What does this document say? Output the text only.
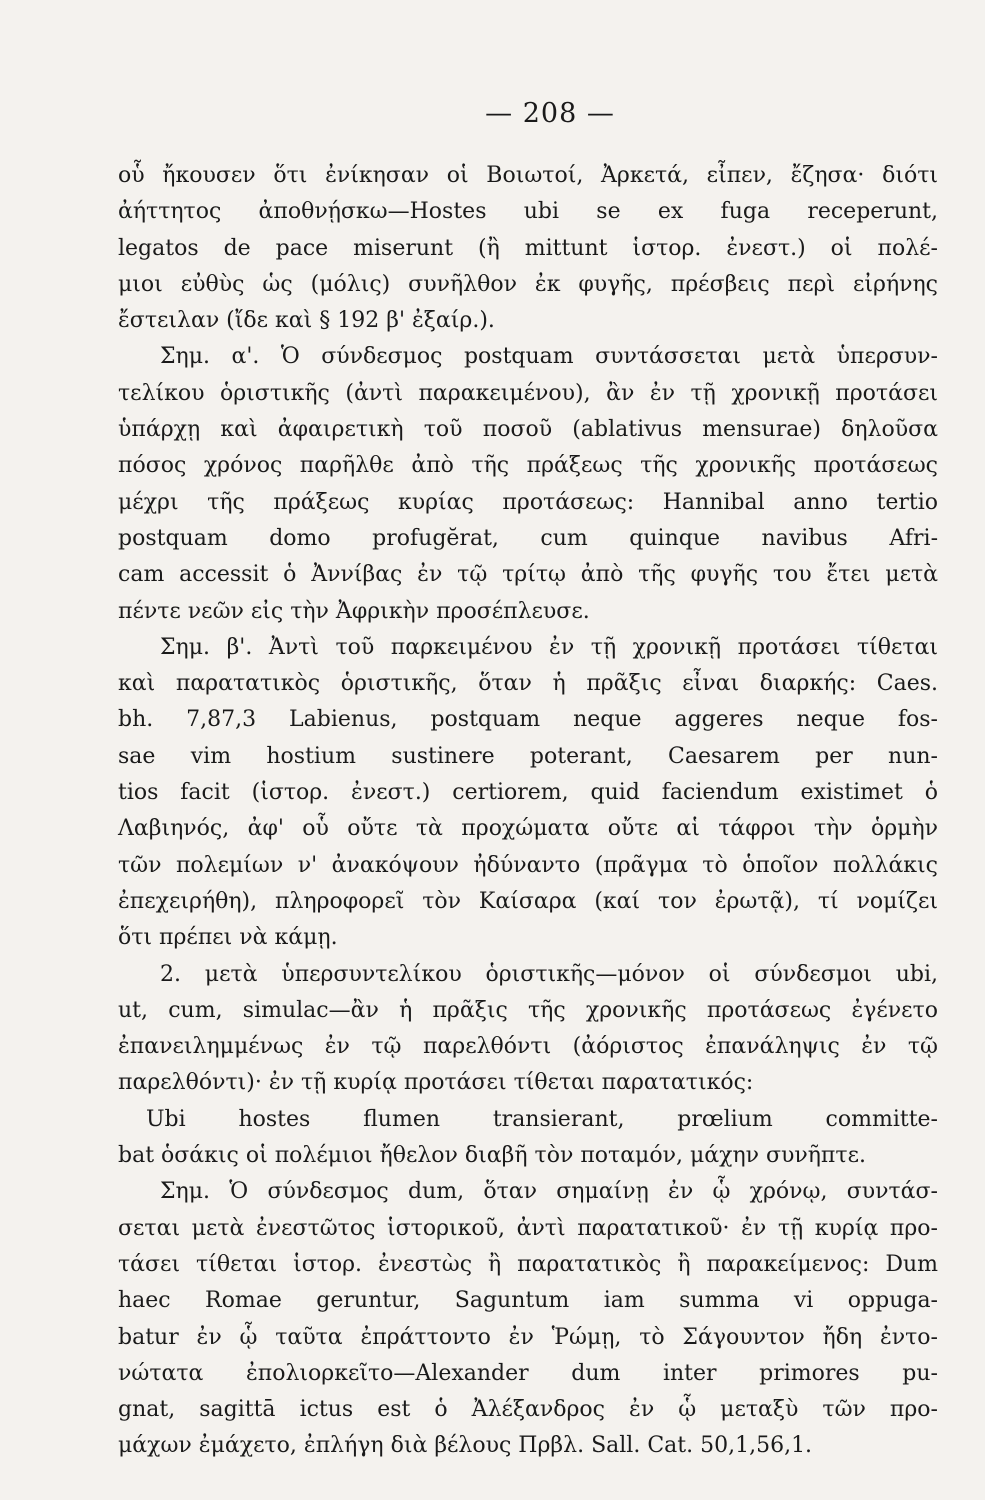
— 208 —
οὗ ἤκουσεν ὅτι ἐνίκησαν οἱ Βοιωτοί, Ἀρκετά, εἶπεν, ἔζησα· διότι
ἀήττητος ἀποθνῄσκω—Hostes ubi se ex fuga receperunt,
legatos de pace miserunt (ἢ mittunt ἱστορ. ἐνεστ.) οἱ πολέ-
μιοι εὐθὺς ὡς (μόλις) συνῆλθον ἐκ φυγῆς, πρέσβεις περὶ εἰρήνης
ἔστειλαν (ἴδε καὶ § 192 β' ἐξαίρ.).
Σημ. α'. Ὁ σύνδεσμος postquam συντάσσεται μετὰ ὑπερσυν-
τελίκου ὁριστικῆς (ἀντὶ παρακειμένου), ἂν ἐν τῇ χρονικῇ προτάσει
ὑπάρχῃ καὶ ἀφαιρετικὴ τοῦ ποσοῦ (ablativus mensurae) δηλοῦσα
πόσος χρόνος παρῆλθε ἀπὸ τῆς πράξεως τῆς χρονικῆς προτάσεως
μέχρι τῆς πράξεως κυρίας προτάσεως: Hannibal anno tertio
postquam domo profugĕrat, cum quinque navibus Afri-
cam accessit ὁ Ἀννίβας ἐν τῷ τρίτῳ ἀπὸ τῆς φυγῆς του ἔτει μετὰ
πέντε νεῶν εἰς τὴν Ἀφρικὴν προσέπλευσε.
Σημ. β'. Ἀντὶ τοῦ παρκειμένου ἐν τῇ χρονικῇ προτάσει τίθεται
καὶ παρατατικὸς ὁριστικῆς, ὅταν ἡ πρᾶξις εἶναι διαρκής: Caes.
bh. 7,87,3 Labienus, postquam neque aggeres neque fos-
sae vim hostium sustinere poterant, Caesarem per nun-
tios facit (ἱστορ. ἐνεστ.) certiorem, quid faciendum existimet ὁ
Λαβιηνός, ἀφ' οὗ οὔτε τὰ προχώματα οὔτε αἱ τάφροι τὴν ὁρμὴν
τῶν πολεμίων ν' ἀνακόψουν ἠδύναντο (πρᾶγμα τὸ ὁποῖον πολλάκις
ἐπεχειρήθη), πληροφορεῖ τὸν Καίσαρα (καί τον ἐρωτᾷ), τί νομίζει
ὅτι πρέπει νὰ κάμῃ.
2. μετὰ ὑπερσυντελίκου ὁριστικῆς—μόνον οἱ σύνδεσμοι ubi,
ut, cum, simulac—ἂν ἡ πρᾶξις τῆς χρονικῆς προτάσεως ἐγένετο
ἐπανειλημμένως ἐν τῷ παρελθόντι (ἀόριστος ἐπανάληψις ἐν τῷ
παρελθόντι)· ἐν τῇ κυρίᾳ προτάσει τίθεται παρατατικός:
Ubi hostes flumen transierant, prœlium committe-
bat ὁσάκις οἱ πολέμιοι ἤθελον διαβῆ τὸν ποταμόν, μάχην συνῆπτε.
Σημ. Ὁ σύνδεσμος dum, ὅταν σημαίνῃ ἐν ᾧ χρόνῳ, συντάσ-
σεται μετὰ ἐνεστῶτος ἱστορικοῦ, ἀντὶ παρατατικοῦ· ἐν τῇ κυρίᾳ προ-
τάσει τίθεται ἱστορ. ἐνεστὼς ἢ παρατατικὸς ἢ παρακείμενος: Dum
haec Romae geruntur, Saguntum iam summa vi oppuga-
batur ἐν ᾧ ταῦτα ἐπράττοντο ἐν Ῥώμῃ, τὸ Σάγουντον ἤδη ἐντο-
νώτατα ἐπολιορκεῖτο—Alexander dum inter primores pu-
gnat, sagittā ictus est ὁ Ἀλέξανδρος ἐν ᾧ μεταξὺ τῶν προ-
μάχων ἐμάχετο, ἐπλήγη διὰ βέλους Πρβλ. Sall. Cat. 50,1,56,1.
